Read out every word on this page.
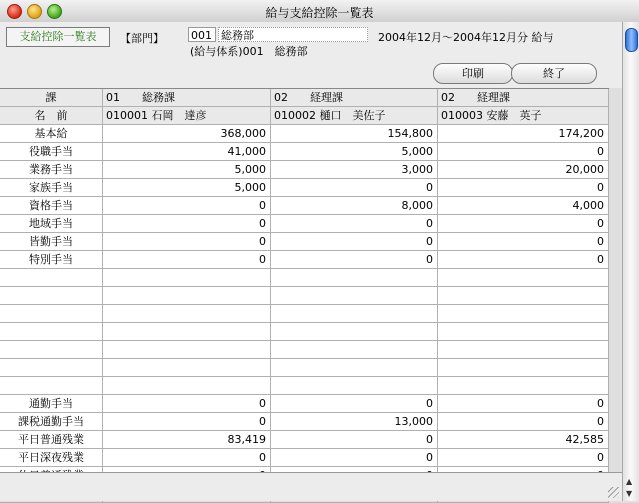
給与支給控除一覧表
支給控除一覧表	【部門】 001 総務部
(給与体系)001　総務部
2004年12月〜2004年12月分 給与
印刷	終了
課	01　　総務課	02　　経理課	02　　経理課
名　前	010001 石岡　達彦	010002 樋口　美佐子	010003 安藤　英子
基本給	368,000	154,800	174,200
役職手当	41,000	5,000	0
業務手当	5,000	3,000	20,000
家族手当	5,000	0	0
資格手当	0	8,000	4,000
地域手当	0	0	0
皆勤手当	0	0	0
特別手当	0	0	0
通勤手当	0	0	0
課税通勤手当	0	13,000	0
平日普通残業	83,419	0	42,585
平日深夜残業	0	0	0
▲
▼
